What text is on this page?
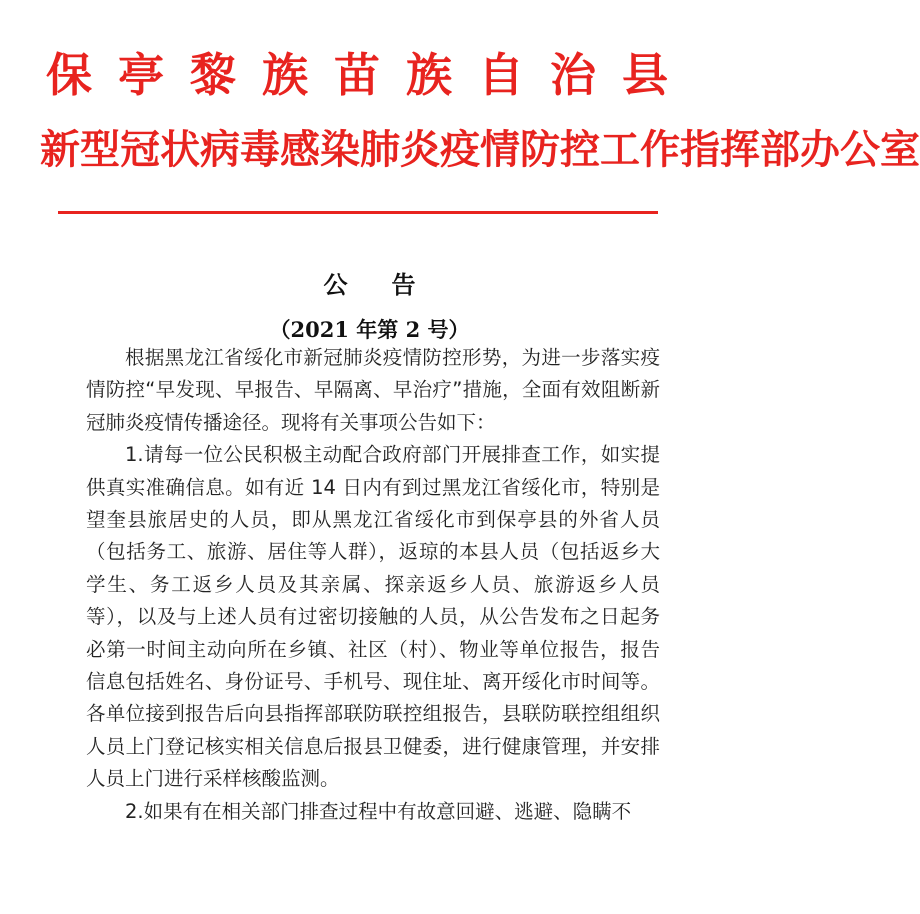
保亭黎族苗族自治县
新型冠状病毒感染肺炎疫情防控工作指挥部办公室
公告
（2021 年第 2 号）

根据黑龙江省绥化市新冠肺炎疫情防控形势，为进一步落实疫情防控“早发现、早报告、早隔离、早治疗”措施，全面有效阻断新冠肺炎疫情传播途径。现将有关事项公告如下：

1.请每一位公民积极主动配合政府部门开展排查工作，如实提供真实准确信息。如有近 14 日内有到过黑龙江省绥化市，特别是望奎县旅居史的人员，即从黑龙江省绥化市到保亭县的外省人员（包括务工、旅游、居住等人群），返琼的本县人员（包括返乡大学生、务工返乡人员及其亲属、探亲返乡人员、旅游返乡人员等），以及与上述人员有过密切接触的人员，从公告发布之日起务必第一时间主动向所在乡镇、社区（村）、物业等单位报告，报告信息包括姓名、身份证号、手机号、现住址、离开绥化市时间等。各单位接到报告后向县指挥部联防联控组报告，县联防联控组组织人员上门登记核实相关信息后报县卫健委，进行健康管理，并安排人员上门进行采样核酸监测。

2.如果有在相关部门排查过程中有故意回避、逃避、隐瞒不
